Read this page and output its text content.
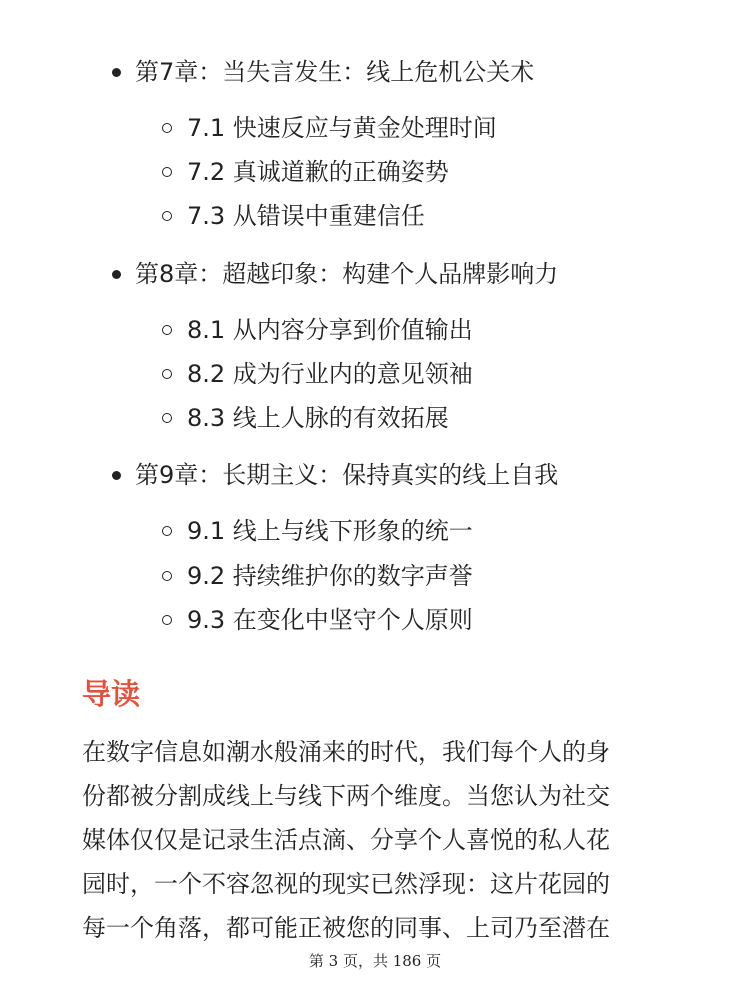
第7章：当失言发生：线上危机公关术
7.1 快速反应与黄金处理时间
7.2 真诚道歉的正确姿势
7.3 从错误中重建信任
第8章：超越印象：构建个人品牌影响力
8.1 从内容分享到价值输出
8.2 成为行业内的意见领袖
8.3 线上人脉的有效拓展
第9章：长期主义：保持真实的线上自我
9.1 线上与线下形象的统一
9.2 持续维护你的数字声誉
9.3 在变化中坚守个人原则
导读
在数字信息如潮水般涌来的时代，我们每个人的身
份都被分割成线上与线下两个维度。当您认为社交
媒体仅仅是记录生活点滴、分享个人喜悦的私人花
园时，一个不容忽视的现实已然浮现：这片花园的
每一个角落，都可能正被您的同事、上司乃至潜在
第 3 页，共 186 页
